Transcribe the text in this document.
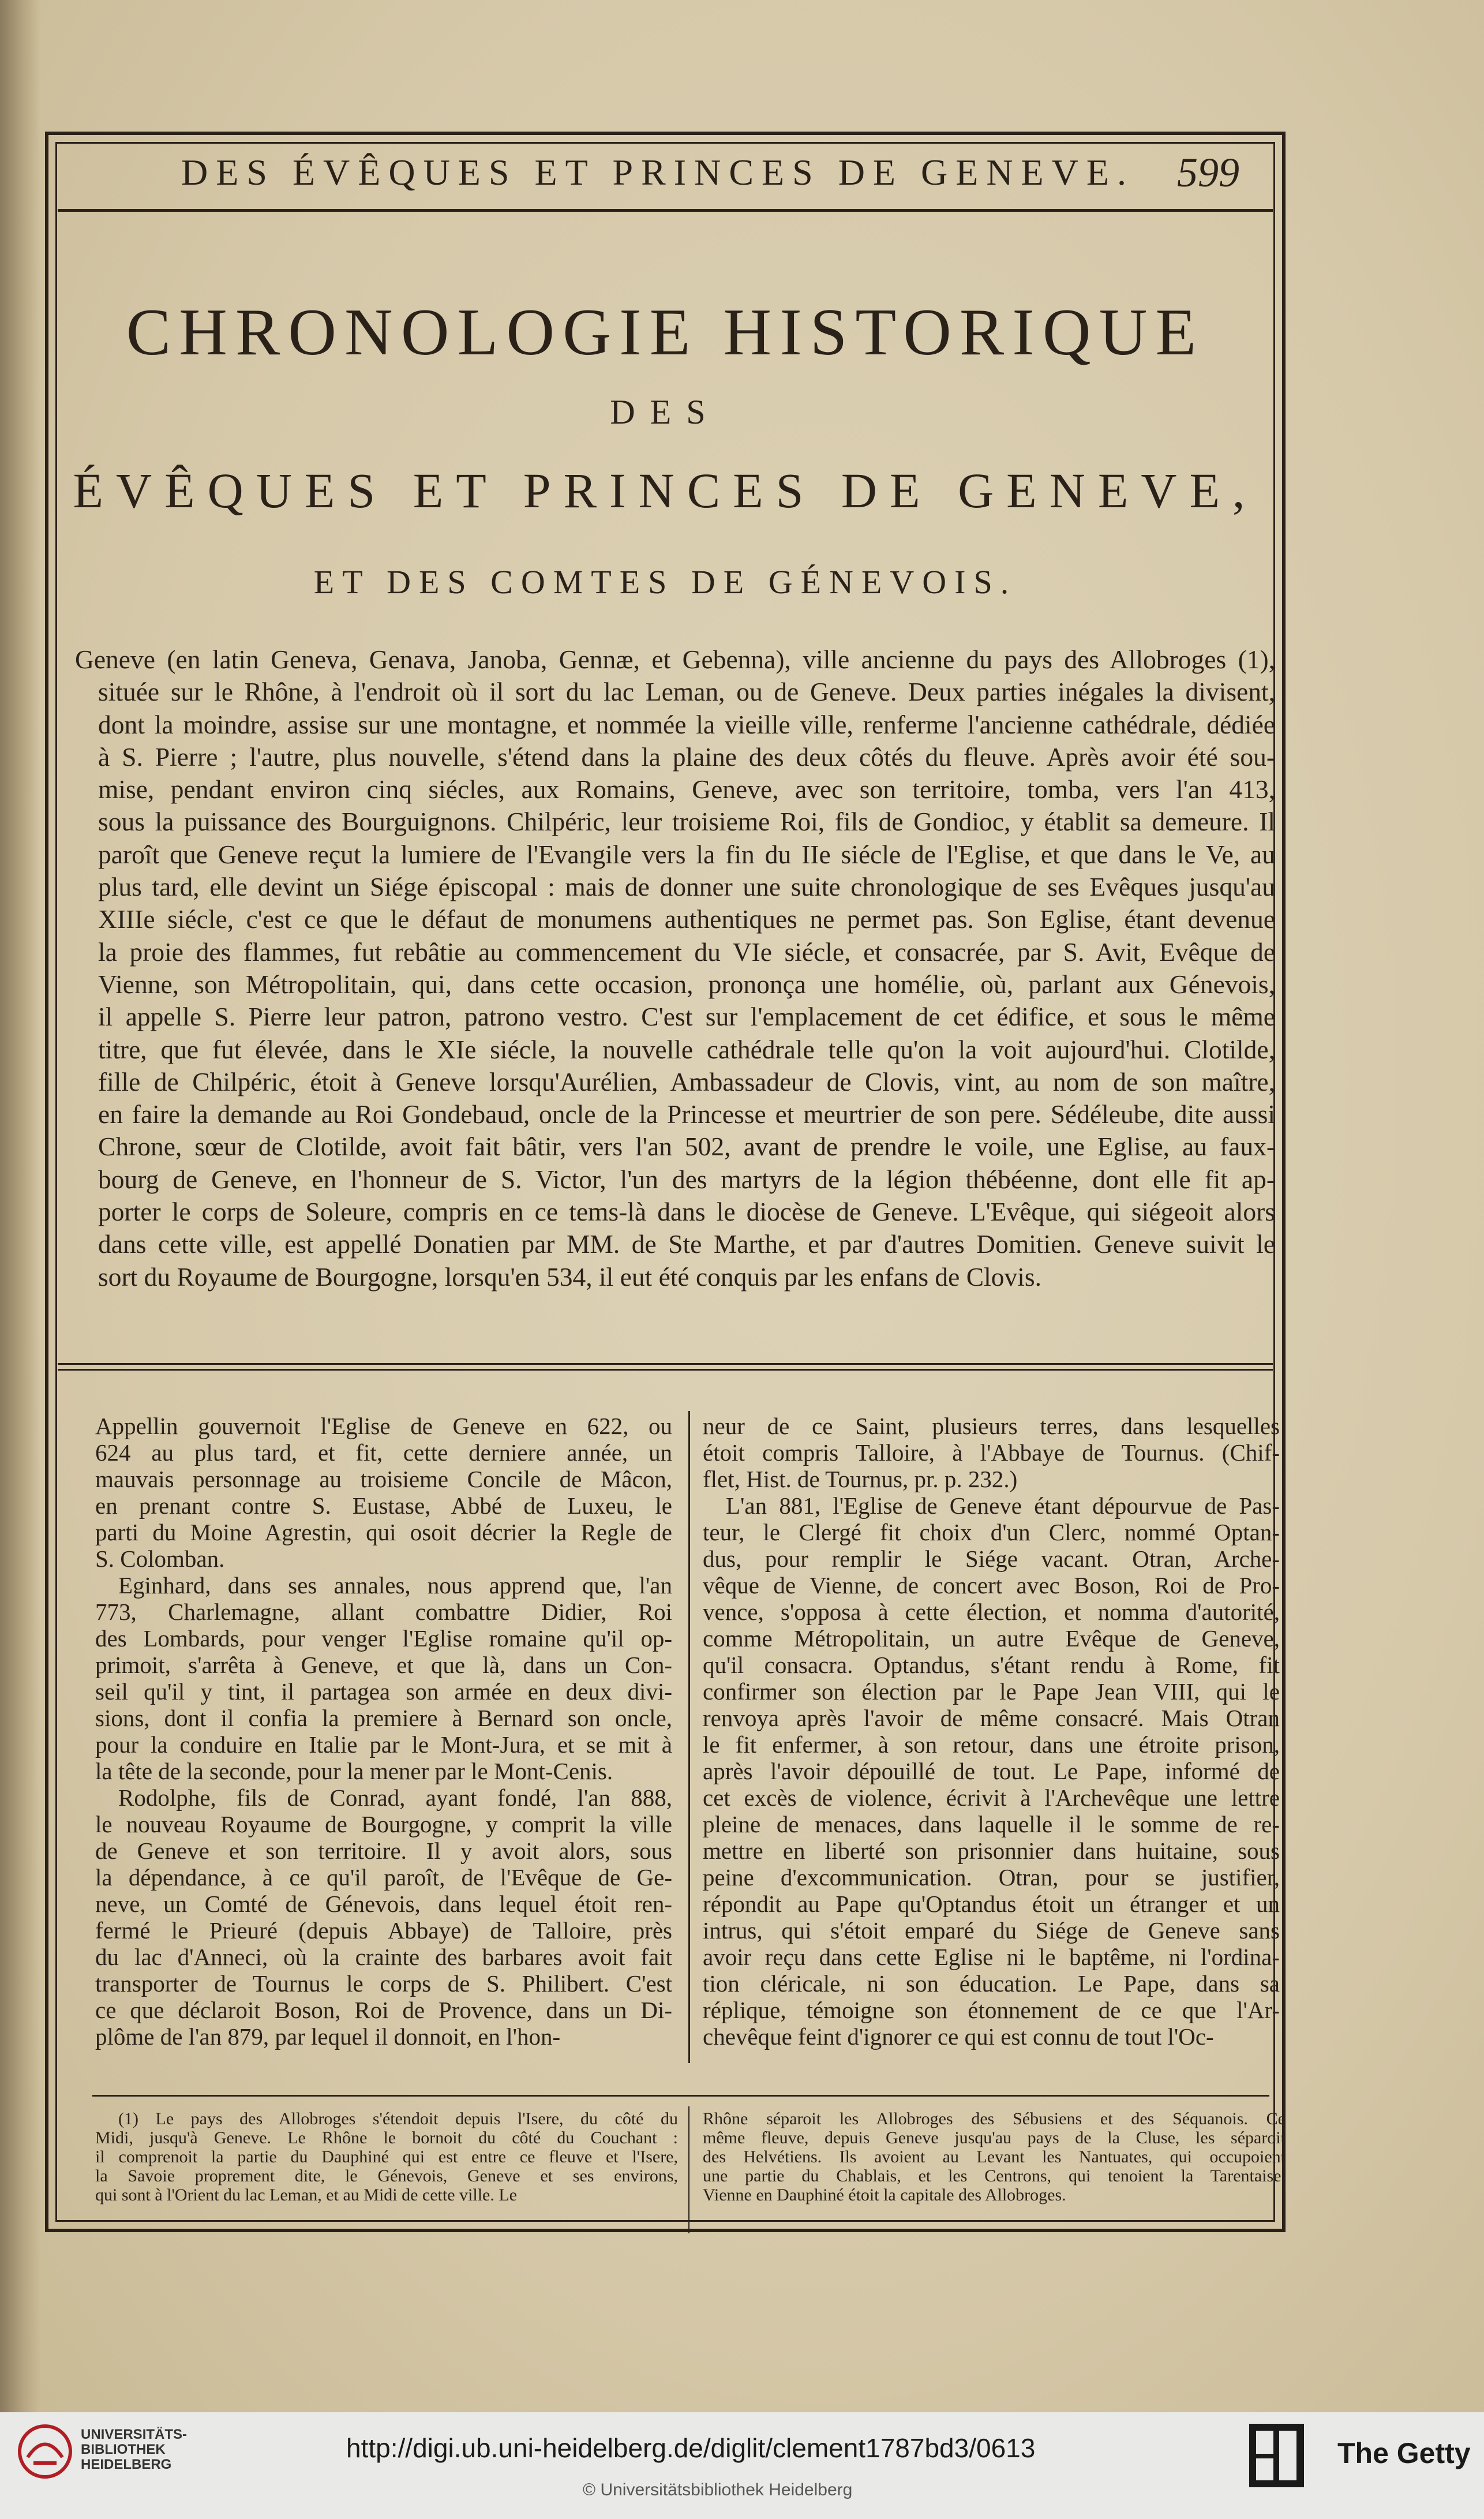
DES ÉVÊQUES ET PRINCES DE GENEVE. 599
CHRONOLOGIE HISTORIQUE
DES
ÉVÊQUES ET PRINCES DE GENEVE,
ET DES COMTES DE GÉNEVOIS.
Geneve (en latin Geneva, Genava, Janoba, Gennæ, et Gebenna), ville ancienne du pays des Allobroges (1),
située sur le Rhône, à l'endroit où il sort du lac Leman, ou de Geneve. Deux parties inégales la divisent,
dont la moindre, assise sur une montagne, et nommée la vieille ville, renferme l'ancienne cathédrale, dédiée
à S. Pierre ; l'autre, plus nouvelle, s'étend dans la plaine des deux côtés du fleuve. Après avoir été sou-
mise, pendant environ cinq siécles, aux Romains, Geneve, avec son territoire, tomba, vers l'an 413,
sous la puissance des Bourguignons. Chilpéric, leur troisieme Roi, fils de Gondioc, y établit sa demeure. Il
paroît que Geneve reçut la lumiere de l'Evangile vers la fin du IIe siécle de l'Eglise, et que dans le Ve, au
plus tard, elle devint un Siége épiscopal : mais de donner une suite chronologique de ses Evêques jusqu'au
XIIIe siécle, c'est ce que le défaut de monumens authentiques ne permet pas. Son Eglise, étant devenue
la proie des flammes, fut rebâtie au commencement du VIe siécle, et consacrée, par S. Avit, Evêque de
Vienne, son Métropolitain, qui, dans cette occasion, prononça une homélie, où, parlant aux Génevois,
il appelle S. Pierre leur patron, patrono vestro. C'est sur l'emplacement de cet édifice, et sous le même
titre, que fut élevée, dans le XIe siécle, la nouvelle cathédrale telle qu'on la voit aujourd'hui. Clotilde,
fille de Chilpéric, étoit à Geneve lorsqu'Aurélien, Ambassadeur de Clovis, vint, au nom de son maître,
en faire la demande au Roi Gondebaud, oncle de la Princesse et meurtrier de son pere. Sédéleube, dite aussi
Chrone, sœur de Clotilde, avoit fait bâtir, vers l'an 502, avant de prendre le voile, une Eglise, au faux-
bourg de Geneve, en l'honneur de S. Victor, l'un des martyrs de la légion thébéenne, dont elle fit ap-
porter le corps de Soleure, compris en ce tems-là dans le diocèse de Geneve. L'Evêque, qui siégeoit alors
dans cette ville, est appellé Donatien par MM. de Ste Marthe, et par d'autres Domitien. Geneve suivit le
sort du Royaume de Bourgogne, lorsqu'en 534, il eut été conquis par les enfans de Clovis.
Appellin gouvernoit l'Eglise de Geneve en 622, ou
624 au plus tard, et fit, cette derniere année, un
mauvais personnage au troisieme Concile de Mâcon,
en prenant contre S. Eustase, Abbé de Luxeu, le
parti du Moine Agrestin, qui osoit décrier la Regle de
S. Colomban.
Eginhard, dans ses annales, nous apprend que, l'an
773, Charlemagne, allant combattre Didier, Roi
des Lombards, pour venger l'Eglise romaine qu'il op-
primoit, s'arrêta à Geneve, et que là, dans un Con-
seil qu'il y tint, il partagea son armée en deux divi-
sions, dont il confia la premiere à Bernard son oncle,
pour la conduire en Italie par le Mont-Jura, et se mit à
la tête de la seconde, pour la mener par le Mont-Cenis.
Rodolphe, fils de Conrad, ayant fondé, l'an 888,
le nouveau Royaume de Bourgogne, y comprit la ville
de Geneve et son territoire. Il y avoit alors, sous
la dépendance, à ce qu'il paroît, de l'Evêque de Ge-
neve, un Comté de Génevois, dans lequel étoit ren-
fermé le Prieuré (depuis Abbaye) de Talloire, près
du lac d'Anneci, où la crainte des barbares avoit fait
transporter de Tournus le corps de S. Philibert. C'est
ce que déclaroit Boson, Roi de Provence, dans un Di-
plôme de l'an 879, par lequel il donnoit, en l'hon-
neur de ce Saint, plusieurs terres, dans lesquelles
étoit compris Talloire, à l'Abbaye de Tournus. (Chif-
flet, Hist. de Tournus, pr. p. 232.)
L'an 881, l'Eglise de Geneve étant dépourvue de Pas-
teur, le Clergé fit choix d'un Clerc, nommé Optan-
dus, pour remplir le Siége vacant. Otran, Arche-
vêque de Vienne, de concert avec Boson, Roi de Pro-
vence, s'opposa à cette élection, et nomma d'autorité,
comme Métropolitain, un autre Evêque de Geneve,
qu'il consacra. Optandus, s'étant rendu à Rome, fit
confirmer son élection par le Pape Jean VIII, qui le
renvoya après l'avoir de même consacré. Mais Otran
le fit enfermer, à son retour, dans une étroite prison,
après l'avoir dépouillé de tout. Le Pape, informé de
cet excès de violence, écrivit à l'Archevêque une lettre
pleine de menaces, dans laquelle il le somme de re-
mettre en liberté son prisonnier dans huitaine, sous
peine d'excommunication. Otran, pour se justifier,
répondit au Pape qu'Optandus étoit un étranger et un
intrus, qui s'étoit emparé du Siége de Geneve sans
avoir reçu dans cette Eglise ni le baptême, ni l'ordina-
tion cléricale, ni son éducation. Le Pape, dans sa
réplique, témoigne son étonnement de ce que l'Ar-
chevêque feint d'ignorer ce qui est connu de tout l'Oc-
(1) Le pays des Allobroges s'étendoit depuis l'Isere, du côté du
Midi, jusqu'à Geneve. Le Rhône le bornoit du côté du Couchant :
il comprenoit la partie du Dauphiné qui est entre ce fleuve et l'Isere,
la Savoie proprement dite, le Génevois, Geneve et ses environs,
qui sont à l'Orient du lac Leman, et au Midi de cette ville. Le
Rhône séparoit les Allobroges des Sébusiens et des Séquanois. Ce
même fleuve, depuis Geneve jusqu'au pays de la Cluse, les séparoit
des Helvétiens. Ils avoient au Levant les Nantuates, qui occupoient
une partie du Chablais, et les Centrons, qui tenoient la Tarentaise.
Vienne en Dauphiné étoit la capitale des Allobroges.
UNIVERSITÄTS-
BIBLIOTHEK
HEIDELBERG
http://digi.ub.uni-heidelberg.de/diglit/clement1787bd3/0613
© Universitätsbibliothek Heidelberg
The Getty
